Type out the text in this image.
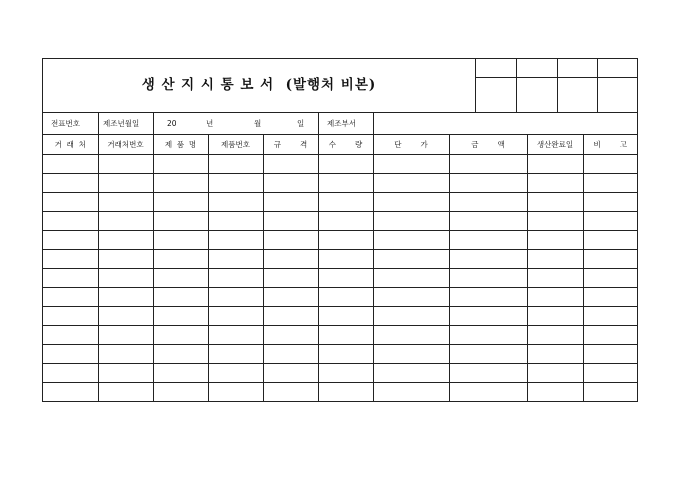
생 산 지 시 통 보 서  (발행처 비본)
전표번호	제조년월일	20	년	월	일	제조부서
거  래  처	거래처번호	제  품  명	제품번호	규        격	수        량	단        가	금        액	생산완료일	비        고
